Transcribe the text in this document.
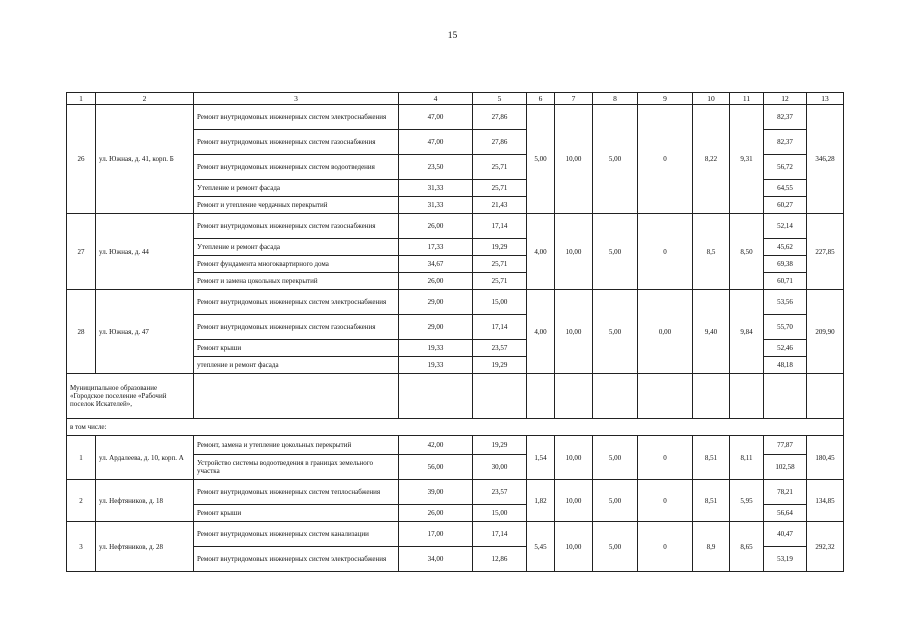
15
1	2	3	4	5	6	7	8	9	10	11	12	13
26	ул. Южная, д. 41, корп. Б	Ремонт внутридомовых инженерных систем электроснабжения	47,00	27,86	5,00	10,00	5,00	0	8,22	9,31	82,37	346,28
		Ремонт внутридомовых инженерных систем газоснабжения	47,00	27,86							82,37	
		Ремонт внутридомовых инженерных систем водоотведения	23,50	25,71							56,72	
		Утепление и ремонт фасада	31,33	25,71							64,55	
		Ремонт и утепление чердачных перекрытий	31,33	21,43							60,27	
27	ул. Южная, д. 44	Ремонт внутридомовых инженерных систем газоснабжения	26,00	17,14	4,00	10,00	5,00	0	8,5	8,50	52,14	227,85
		Утепление и ремонт фасада	17,33	19,29							45,62	
		Ремонт фундамента многоквартирного дома	34,67	25,71							69,38	
		Ремонт и замена цокольных перекрытий	26,00	25,71							60,71	
28	ул. Южная, д. 47	Ремонт внутридомовых инженерных систем электроснабжения	29,00	15,00	4,00	10,00	5,00	0,00	9,40	9,84	53,56	209,90
		Ремонт внутридомовых инженерных систем газоснабжения	29,00	17,14							55,70	
		Ремонт крыши	19,33	23,57							52,46	
		утепление и ремонт фасада	19,33	19,29							48,18	
Муниципальное образование «Городское поселение «Рабочий поселок Искателей»,												
в том числе:												
1	ул. Ардалеева, д. 10, корп. А	Ремонт, замена и утепление цокольных перекрытий	42,00	19,29	1,54	10,00	5,00	0	8,51	8,11	77,87	180,45
		Устройство системы водоотведения в границах земельного участка	56,00	30,00							102,58	
2	ул. Нефтяников, д. 18	Ремонт внутридомовых инженерных систем теплоснабжения	39,00	23,57	1,82	10,00	5,00	0	8,51	5,95	78,21	134,85
		Ремонт крыши	26,00	15,00							56,64	
3	ул. Нефтяников, д. 28	Ремонт внутридомовых инженерных систем канализации	17,00	17,14	5,45	10,00	5,00	0	8,9	8,65	40,47	292,32
		Ремонт внутридомовых инженерных систем электроснабжения	34,00	12,86							53,19	
